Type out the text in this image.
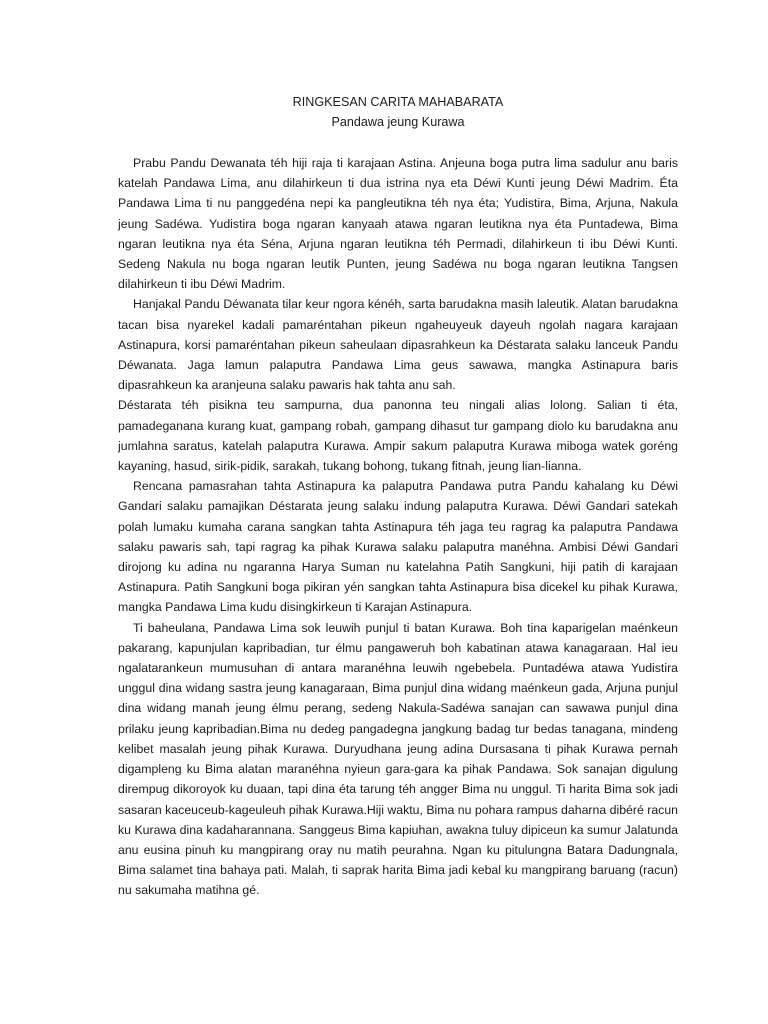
RINGKESAN CARITA MAHABARATA

Pandawa jeung Kurawa

Prabu Pandu Dewanata téh hiji raja ti karajaan Astina. Anjeuna boga putra lima sadulur anu baris katelah Pandawa Lima, anu dilahirkeun ti dua istrina nya eta Déwi Kunti jeung Déwi Madrim. Éta Pandawa Lima ti nu panggedéna nepi ka pangleutikna téh nya éta; Yudistira, Bima, Arjuna, Nakula jeung Sadéwa. Yudistira boga ngaran kanyaah atawa ngaran leutikna nya éta Puntadewa, Bima ngaran leutikna nya éta Séna, Arjuna ngaran leutikna téh Permadi, dilahirkeun ti ibu Déwi Kunti. Sedeng Nakula nu boga ngaran leutik Punten, jeung Sadéwa nu boga ngaran leutikna Tangsen dilahirkeun ti ibu Déwi Madrim.

Hanjakal Pandu Déwanata tilar keur ngora kénéh, sarta barudakna masih laleutik. Alatan barudakna tacan bisa nyarekel kadali pamaréntahan pikeun ngaheuyeuk dayeuh ngolah nagara karajaan Astinapura, korsi pamaréntahan pikeun saheulaan dipasrahkeun ka Déstarata salaku lanceuk Pandu Déwanata. Jaga lamun palaputra Pandawa Lima geus sawawa, mangka Astinapura baris dipasrahkeun ka aranjeuna salaku pawaris hak tahta anu sah.

Déstarata téh pisikna teu sampurna, dua panonna teu ningali alias lolong. Salian ti éta, pamadeganana kurang kuat, gampang robah, gampang dihasut tur gampang diolo ku barudakna anu jumlahna saratus, katelah palaputra Kurawa. Ampir sakum palaputra Kurawa miboga watek goréng kayaning, hasud, sirik-pidik, sarakah, tukang bohong, tukang fitnah, jeung lian-lianna.

Rencana pamasrahan tahta Astinapura ka palaputra Pandawa putra Pandu kahalang ku Déwi Gandari salaku pamajikan Déstarata jeung salaku indung palaputra Kurawa. Déwi Gandari satekah polah lumaku kumaha carana sangkan tahta Astinapura téh jaga teu ragrag ka palaputra Pandawa salaku pawaris sah, tapi ragrag ka pihak Kurawa salaku palaputra manéhna. Ambisi Déwi Gandari dirojong ku adina nu ngaranna Harya Suman nu katelahna Patih Sangkuni, hiji patih di karajaan Astinapura. Patih Sangkuni boga pikiran yén sangkan tahta Astinapura bisa dicekel ku pihak Kurawa, mangka Pandawa Lima kudu disingkirkeun ti Karajan Astinapura.

Ti baheulana, Pandawa Lima sok leuwih punjul ti batan Kurawa. Boh tina kaparigelan maénkeun pakarang, kapunjulan kapribadian, tur élmu pangaweruh boh kabatinan atawa kanagaraan. Hal ieu ngalatarankeun mumusuhan di antara maranéhna leuwih ngebebela. Puntadéwa atawa Yudistira unggul dina widang sastra jeung kanagaraan, Bima punjul dina widang maénkeun gada, Arjuna punjul dina widang manah jeung élmu perang, sedeng Nakula-Sadéwa sanajan can sawawa punjul dina prilaku jeung kapribadian.Bima nu dedeg pangadegna jangkung badag tur bedas tanagana, mindeng kelibet masalah jeung pihak Kurawa. Duryudhana jeung adina Dursasana ti pihak Kurawa pernah digampleng ku Bima alatan maranéhna nyieun gara-gara ka pihak Pandawa. Sok sanajan digulung dirempug dikoroyok ku duaan, tapi dina éta tarung téh angger Bima nu unggul. Ti harita Bima sok jadi sasaran kaceuceub-kageuleuh pihak Kurawa.Hiji waktu, Bima nu pohara rampus daharna dibéré racun ku Kurawa dina kadaharannana. Sanggeus Bima kapiuhan, awakna tuluy dipiceun ka sumur Jalatunda anu eusina pinuh ku mangpirang oray nu matih peurahna. Ngan ku pitulungna Batara Dadungnala, Bima salamet tina bahaya pati. Malah, ti saprak harita Bima jadi kebal ku mangpirang baruang (racun) nu sakumaha matihna gé.
